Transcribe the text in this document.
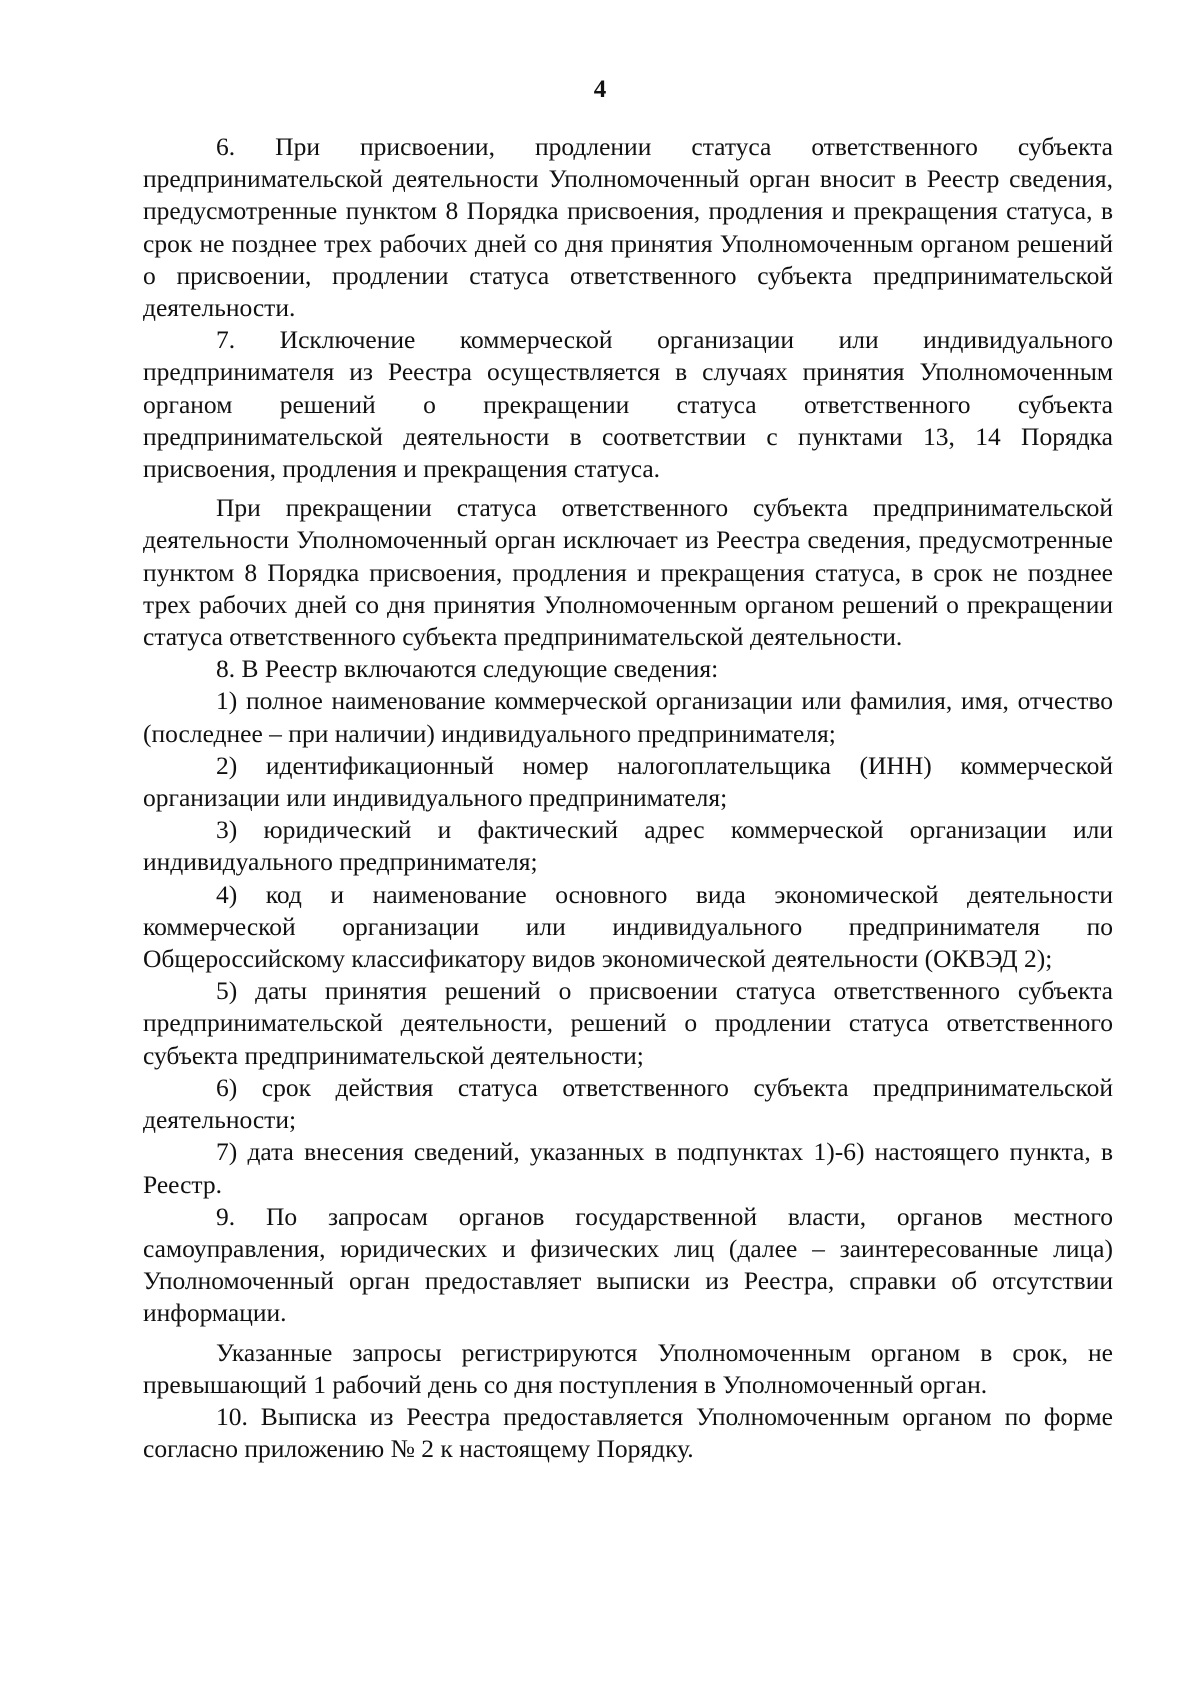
4

6. При присвоении, продлении статуса ответственного субъекта предпринимательской деятельности Уполномоченный орган вносит в Реестр сведения, предусмотренные пунктом 8 Порядка присвоения, продления и прекращения статуса, в срок не позднее трех рабочих дней со дня принятия Уполномоченным органом решений о присвоении, продлении статуса ответственного субъекта предпринимательской деятельности.

7. Исключение коммерческой организации или индивидуального предпринимателя из Реестра осуществляется в случаях принятия Уполномоченным органом решений о прекращении статуса ответственного субъекта предпринимательской деятельности в соответствии с пунктами 13, 14 Порядка присвоения, продления и прекращения статуса.

При прекращении статуса ответственного субъекта предпринимательской деятельности Уполномоченный орган исключает из Реестра сведения, предусмотренные пунктом 8 Порядка присвоения, продления и прекращения статуса, в срок не позднее трех рабочих дней со дня принятия Уполномоченным органом решений о прекращении статуса ответственного субъекта предпринимательской деятельности.

8. В Реестр включаются следующие сведения:

1) полное наименование коммерческой организации или фамилия, имя, отчество (последнее – при наличии) индивидуального предпринимателя;

2) идентификационный номер налогоплательщика (ИНН) коммерческой организации или индивидуального предпринимателя;

3) юридический и фактический адрес коммерческой организации или индивидуального предпринимателя;

4) код и наименование основного вида экономической деятельности коммерческой организации или индивидуального предпринимателя по Общероссийскому классификатору видов экономической деятельности (ОКВЭД 2);

5) даты принятия решений о присвоении статуса ответственного субъекта предпринимательской деятельности, решений о продлении статуса ответственного субъекта предпринимательской деятельности;

6) срок действия статуса ответственного субъекта предпринимательской деятельности;

7) дата внесения сведений, указанных в подпунктах 1)-6) настоящего пункта, в Реестр.

9. По запросам органов государственной власти, органов местного самоуправления, юридических и физических лиц (далее – заинтересованные лица) Уполномоченный орган предоставляет выписки из Реестра, справки об отсутствии информации.

Указанные запросы регистрируются Уполномоченным органом в срок, не превышающий 1 рабочий день со дня поступления в Уполномоченный орган.

10. Выписка из Реестра предоставляется Уполномоченным органом по форме согласно приложению № 2 к настоящему Порядку.
